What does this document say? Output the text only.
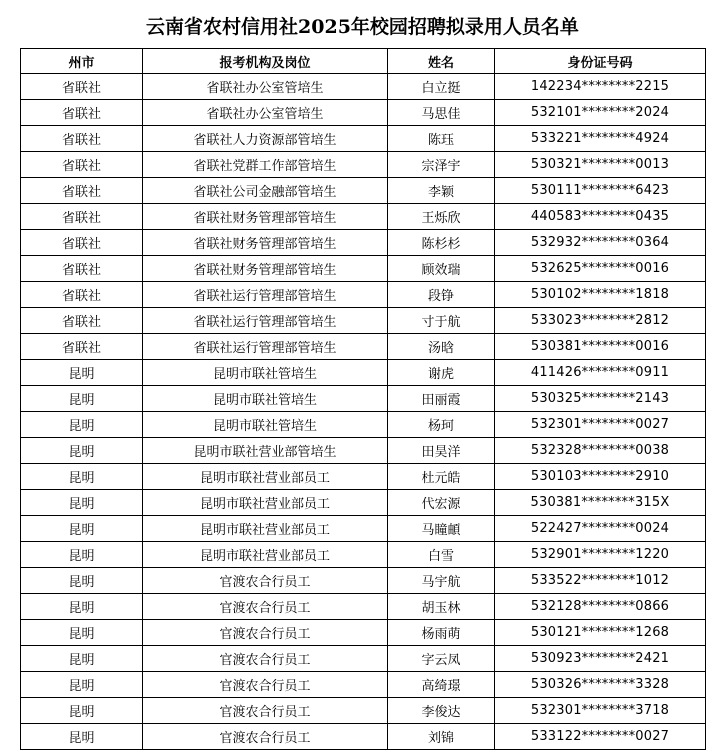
云南省农村信用社2025年校园招聘拟录用人员名单
州市	报考机构及岗位	姓名	身份证号码
省联社	省联社办公室管培生	白立挺	142234********2215
省联社	省联社办公室管培生	马思佳	532101********2024
省联社	省联社人力资源部管培生	陈珏	533221********4924
省联社	省联社党群工作部管培生	宗泽宇	530321********0013
省联社	省联社公司金融部管培生	李颖	530111********6423
省联社	省联社财务管理部管培生	王烁欣	440583********0435
省联社	省联社财务管理部管培生	陈杉杉	532932********0364
省联社	省联社财务管理部管培生	顾效瑞	532625********0016
省联社	省联社运行管理部管培生	段铮	530102********1818
省联社	省联社运行管理部管培生	寸于航	533023********2812
省联社	省联社运行管理部管培生	汤晗	530381********0016
昆明	昆明市联社管培生	谢虎	411426********0911
昆明	昆明市联社管培生	田丽霞	530325********2143
昆明	昆明市联社管培生	杨珂	532301********0027
昆明	昆明市联社营业部管培生	田昊洋	532328********0038
昆明	昆明市联社营业部员工	杜元皓	530103********2910
昆明	昆明市联社营业部员工	代宏源	530381********315X
昆明	昆明市联社营业部员工	马瞳頔	522427********0024
昆明	昆明市联社营业部员工	白雪	532901********1220
昆明	官渡农合行员工	马宇航	533522********1012
昆明	官渡农合行员工	胡玉林	532128********0866
昆明	官渡农合行员工	杨雨萌	530121********1268
昆明	官渡农合行员工	字云凤	530923********2421
昆明	官渡农合行员工	高绮璟	530326********3328
昆明	官渡农合行员工	李俊达	532301********3718
昆明	官渡农合行员工	刘锦	533122********0027
